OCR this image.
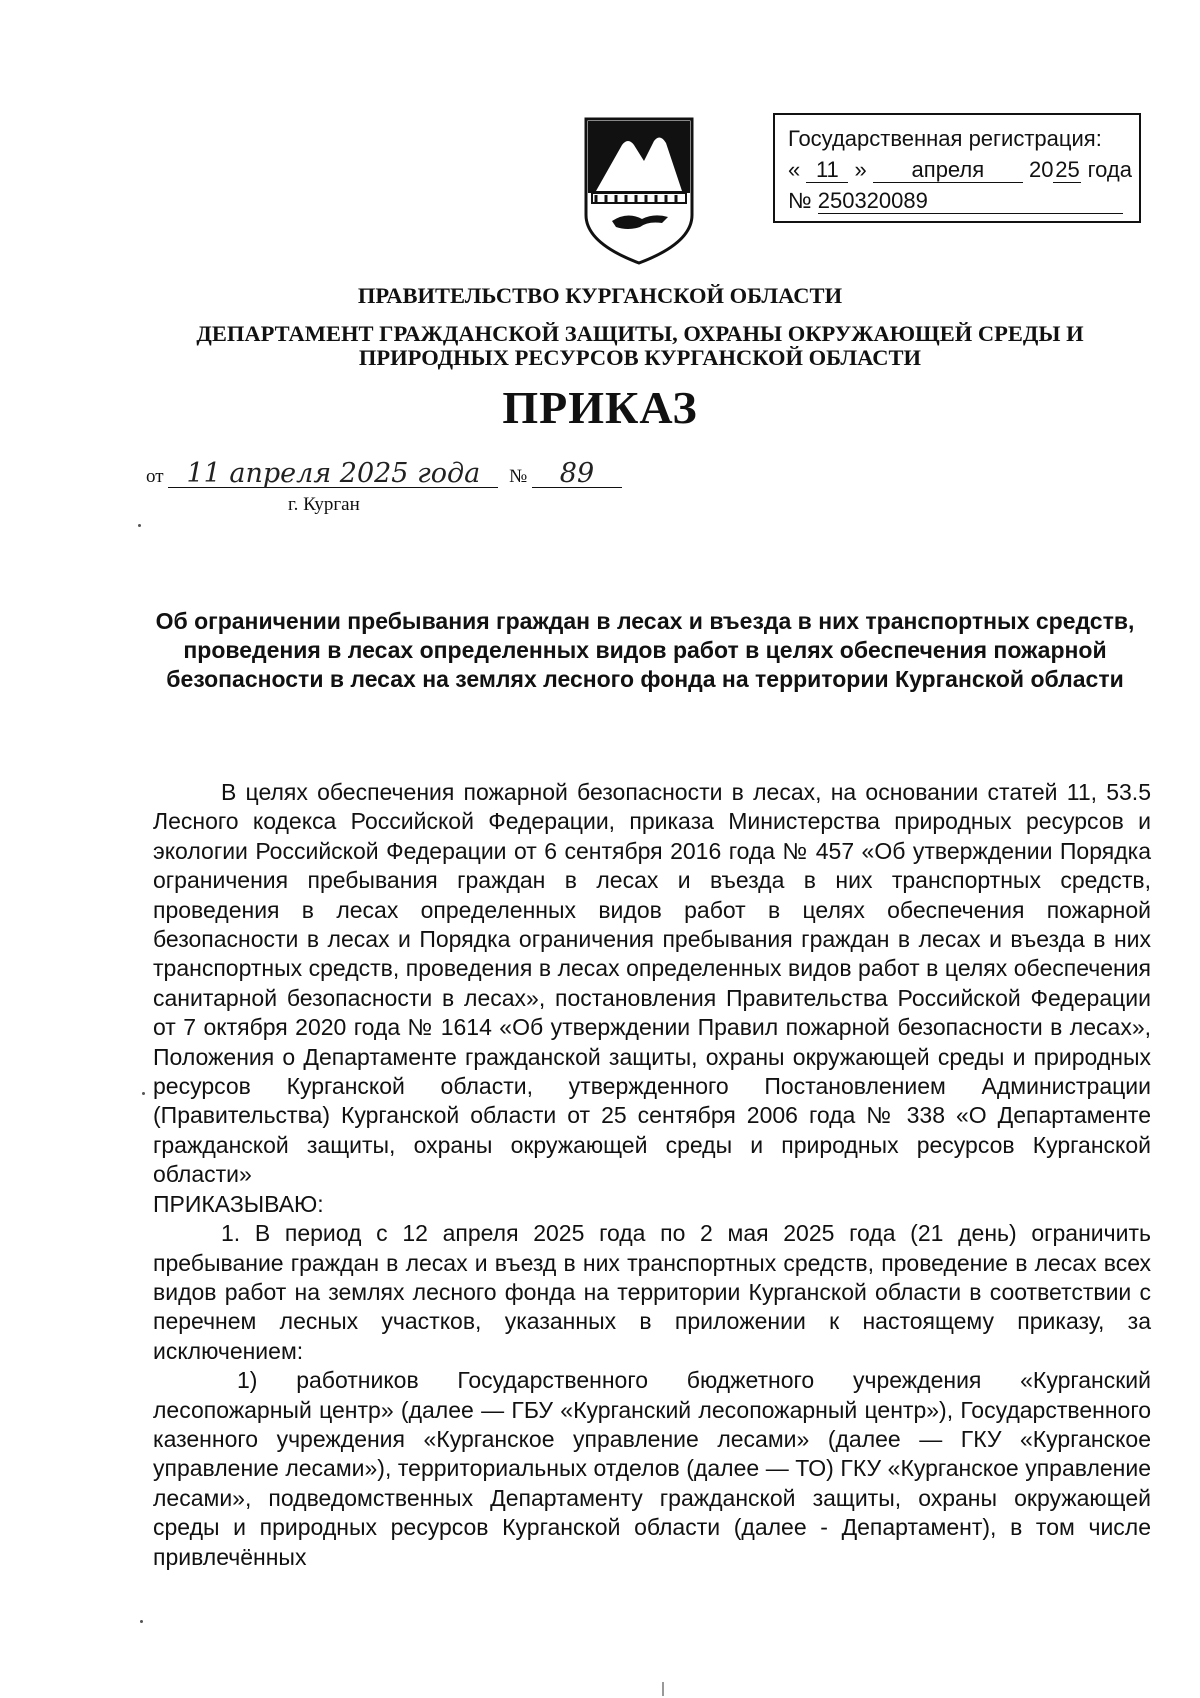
Государственная регистрация:
« 11 » апреля 2025 года
№ 250320089
ПРАВИТЕЛЬСТВО КУРГАНСКОЙ ОБЛАСТИ
ДЕПАРТАМЕНТ ГРАЖДАНСКОЙ ЗАЩИТЫ, ОХРАНЫ ОКРУЖАЮЩЕЙ СРЕДЫ И ПРИРОДНЫХ РЕСУРСОВ КУРГАНСКОЙ ОБЛАСТИ
ПРИКАЗ
от 11 апреля 2025 года № 89
г. Курган
Об ограничении пребывания граждан в лесах и въезда в них транспортных средств, проведения в лесах определенных видов работ в целях обеспечения пожарной безопасности в лесах на землях лесного фонда на территории Курганской области

В целях обеспечения пожарной безопасности в лесах, на основании статей 11, 53.5 Лесного кодекса Российской Федерации, приказа Министерства природных ресурсов и экологии Российской Федерации от 6 сентября 2016 года № 457 «Об утверждении Порядка ограничения пребывания граждан в лесах и въезда в них транспортных средств, проведения в лесах определенных видов работ в целях обеспечения пожарной безопасности в лесах и Порядка ограничения пребывания граждан в лесах и въезда в них транспортных средств, проведения в лесах определенных видов работ в целях обеспечения санитарной безопасности в лесах», постановления Правительства Российской Федерации от 7 октября 2020 года № 1614 «Об утверждении Правил пожарной безопасности в лесах», Положения о Департаменте гражданской защиты, охраны окружающей среды и природных ресурсов Курганской области, утвержденного Постановлением Администрации (Правительства) Курганской области от 25 сентября 2006 года № 338 «О Департаменте гражданской защиты, охраны окружающей среды и природных ресурсов Курганской области»

ПРИКАЗЫВАЮ:

1. В период с 12 апреля 2025 года по 2 мая 2025 года (21 день) ограничить пребывание граждан в лесах и въезд в них транспортных средств, проведение в лесах всех видов работ на землях лесного фонда на территории Курганской области в соответствии с перечнем лесных участков, указанных в приложении к настоящему приказу, за исключением:

1) работников Государственного бюджетного учреждения «Курганский лесопожарный центр» (далее — ГБУ «Курганский лесопожарный центр»), Государственного казенного учреждения «Курганское управление лесами» (далее — ГКУ «Курганское управление лесами»), территориальных отделов (далее — ТО) ГКУ «Курганское управление лесами», подведомственных Департаменту гражданской защиты, охраны окружающей среды и природных ресурсов Курганской области (далее - Департамент), в том числе привлечённых
